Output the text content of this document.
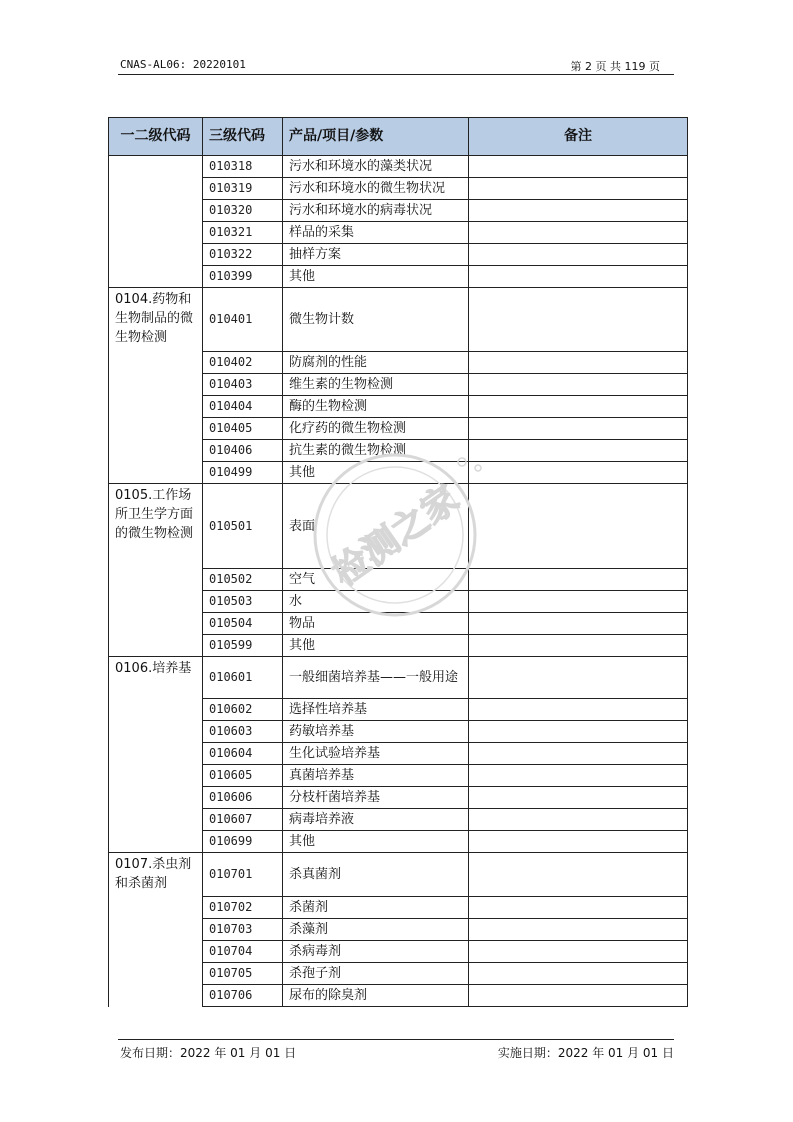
CNAS-AL06: 20220101	第 2 页 共 119 页
一二级代码	三级代码	产品/项目/参数	备注
	010318	污水和环境水的藻类状况	
	010319	污水和环境水的微生物状况	
	010320	污水和环境水的病毒状况	
	010321	样品的采集	
	010322	抽样方案	
	010399	其他	
0104.药物和生物制品的微生物检测	010401	微生物计数	
	010402	防腐剂的性能	
	010403	维生素的生物检测	
	010404	酶的生物检测	
	010405	化疗药的微生物检测	
	010406	抗生素的微生物检测	
	010499	其他	
0105.工作场所卫生学方面的微生物检测	010501	表面	
	010502	空气	
	010503	水	
	010504	物品	
	010599	其他	
0106.培养基	010601	一般细菌培养基——一般用途	
	010602	选择性培养基	
	010603	药敏培养基	
	010604	生化试验培养基	
	010605	真菌培养基	
	010606	分枝杆菌培养基	
	010607	病毒培养液	
	010699	其他	
0107.杀虫剂和杀菌剂	010701	杀真菌剂	
	010702	杀菌剂	
	010703	杀藻剂	
	010704	杀病毒剂	
	010705	杀孢子剂	
	010706	尿布的除臭剂	
检测之家
发布日期：2022 年 01 月 01 日	实施日期：2022 年 01 月 01 日
